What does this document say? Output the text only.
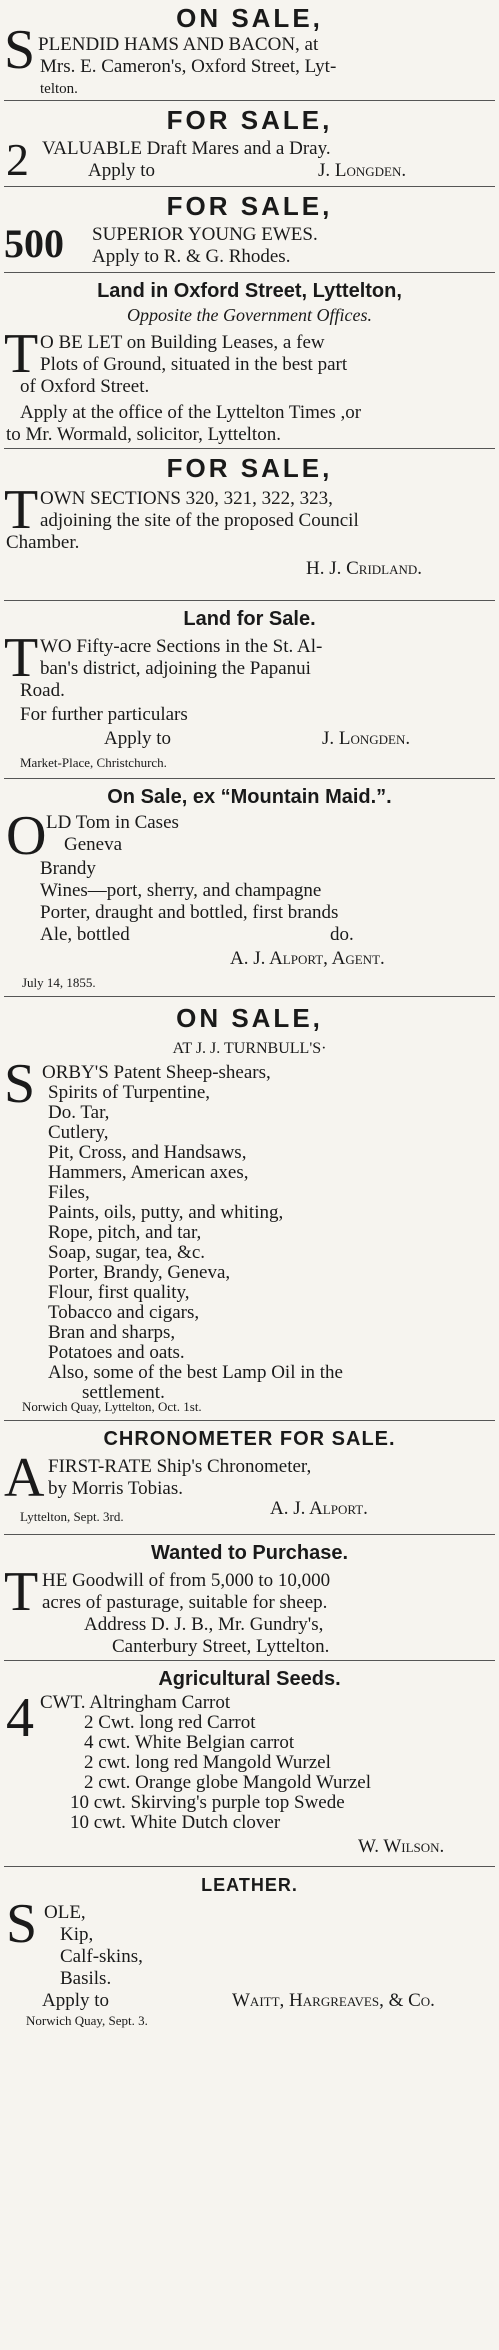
ON SALE,
S PLENDID HAMS AND BACON, at
Mrs. E. Cameron's, Oxford Street, Lyt-
telton.
FOR SALE,
2 VALUABLE Draft Mares and a Dray.
Apply to	J. Longden.
FOR SALE,
500 SUPERIOR YOUNG EWES.
Apply to R. & G. Rhodes.
Land in Oxford Street, Lyttelton,
Opposite the Government Offices.
T O BE LET on Building Leases, a few
Plots of Ground, situated in the best part
of Oxford Street.
Apply at the office of the Lyttelton Times ,or
to Mr. Wormald, solicitor, Lyttelton.
FOR SALE,
T OWN SECTIONS 320, 321, 322, 323,
adjoining the site of the proposed Council
Chamber.
H. J. Cridland.
Land for Sale.
T WO Fifty-acre Sections in the St. Al-
ban's district, adjoining the Papanui
Road.
For further particulars
Apply to	J. Longden.
Market-Place, Christchurch.
On Sale, ex “Mountain Maid.”.
O LD Tom in Cases
Geneva
Brandy
Wines—port, sherry, and champagne
Porter, draught and bottled, first brands
Ale, bottled	do.
A. J. Alport, Agent.
July 14, 1855.
ON SALE,
AT J. J. TURNBULL'S·
S ORBY'S Patent Sheep-shears,
Spirits of Turpentine,
Do. Tar,
Cutlery,
Pit, Cross, and Handsaws,
Hammers, American axes,
Files,
Paints, oils, putty, and whiting,
Rope, pitch, and tar,
Soap, sugar, tea, &c.
Porter, Brandy, Geneva,
Flour, first quality,
Tobacco and cigars,
Bran and sharps,
Potatoes and oats.
Also, some of the best Lamp Oil in the
settlement.
Norwich Quay, Lyttelton, Oct. 1st.
CHRONOMETER FOR SALE.
A FIRST-RATE Ship's Chronometer,
by Morris Tobias.
A. J. Alport.
Lyttelton, Sept. 3rd.
Wanted to Purchase.
T HE Goodwill of from 5,000 to 10,000
acres of pasturage, suitable for sheep.
Address D. J. B., Mr. Gundry's,
Canterbury Street, Lyttelton.
Agricultural Seeds.
4 CWT. Altringham Carrot
2 Cwt. long red Carrot
4 cwt. White Belgian carrot
2 cwt. long red Mangold Wurzel
2 cwt. Orange globe Mangold Wurzel
10 cwt. Skirving's purple top Swede
10 cwt. White Dutch clover
W. Wilson.
LEATHER.
S OLE,
Kip,
Calf-skins,
Basils.
Apply to	Waitt, Hargreaves, & Co.
Norwich Quay, Sept. 3.
